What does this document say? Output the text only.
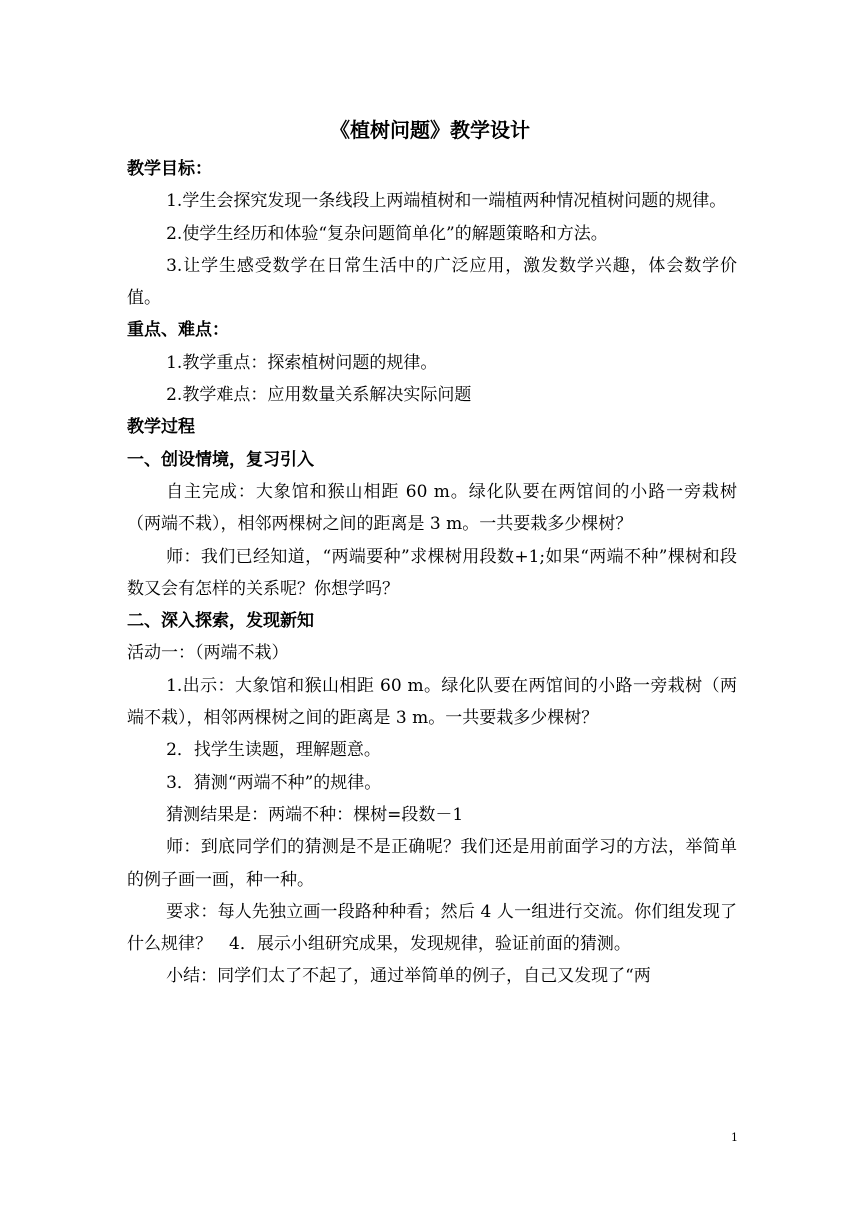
《植树问题》教学设计

教学目标：

1.学生会探究发现一条线段上两端植树和一端植两种情况植树问题的规律。

2.使学生经历和体验“复杂问题简单化”的解题策略和方法。

3.让学生感受数学在日常生活中的广泛应用，激发数学兴趣，体会数学价值。

重点、难点：

1.教学重点：探索植树问题的规律。

2.教学难点：应用数量关系解决实际问题

教学过程

一、创设情境，复习引入

自主完成：大象馆和猴山相距 60 m。绿化队要在两馆间的小路一旁栽树（两端不栽），相邻两棵树之间的距离是 3 m。一共要栽多少棵树？

师：我们已经知道，“两端要种”求棵树用段数+1;如果“两端不种”棵树和段数又会有怎样的关系呢？你想学吗？

二、深入探索，发现新知

活动一：（两端不栽）

1.出示：大象馆和猴山相距 60 m。绿化队要在两馆间的小路一旁栽树（两端不栽），相邻两棵树之间的距离是 3 m。一共要栽多少棵树？

2．找学生读题，理解题意。

3．猜测“两端不种”的规律。

猜测结果是：两端不种：棵树=段数－1

师：到底同学们的猜测是不是正确呢？我们还是用前面学习的方法，举简单的例子画一画，种一种。

要求：每人先独立画一段路种种看；然后 4 人一组进行交流。你们组发现了什么规律？　4．展示小组研究成果，发现规律，验证前面的猜测。

小结：同学们太了不起了，通过举简单的例子，自己又发现了“两

1
